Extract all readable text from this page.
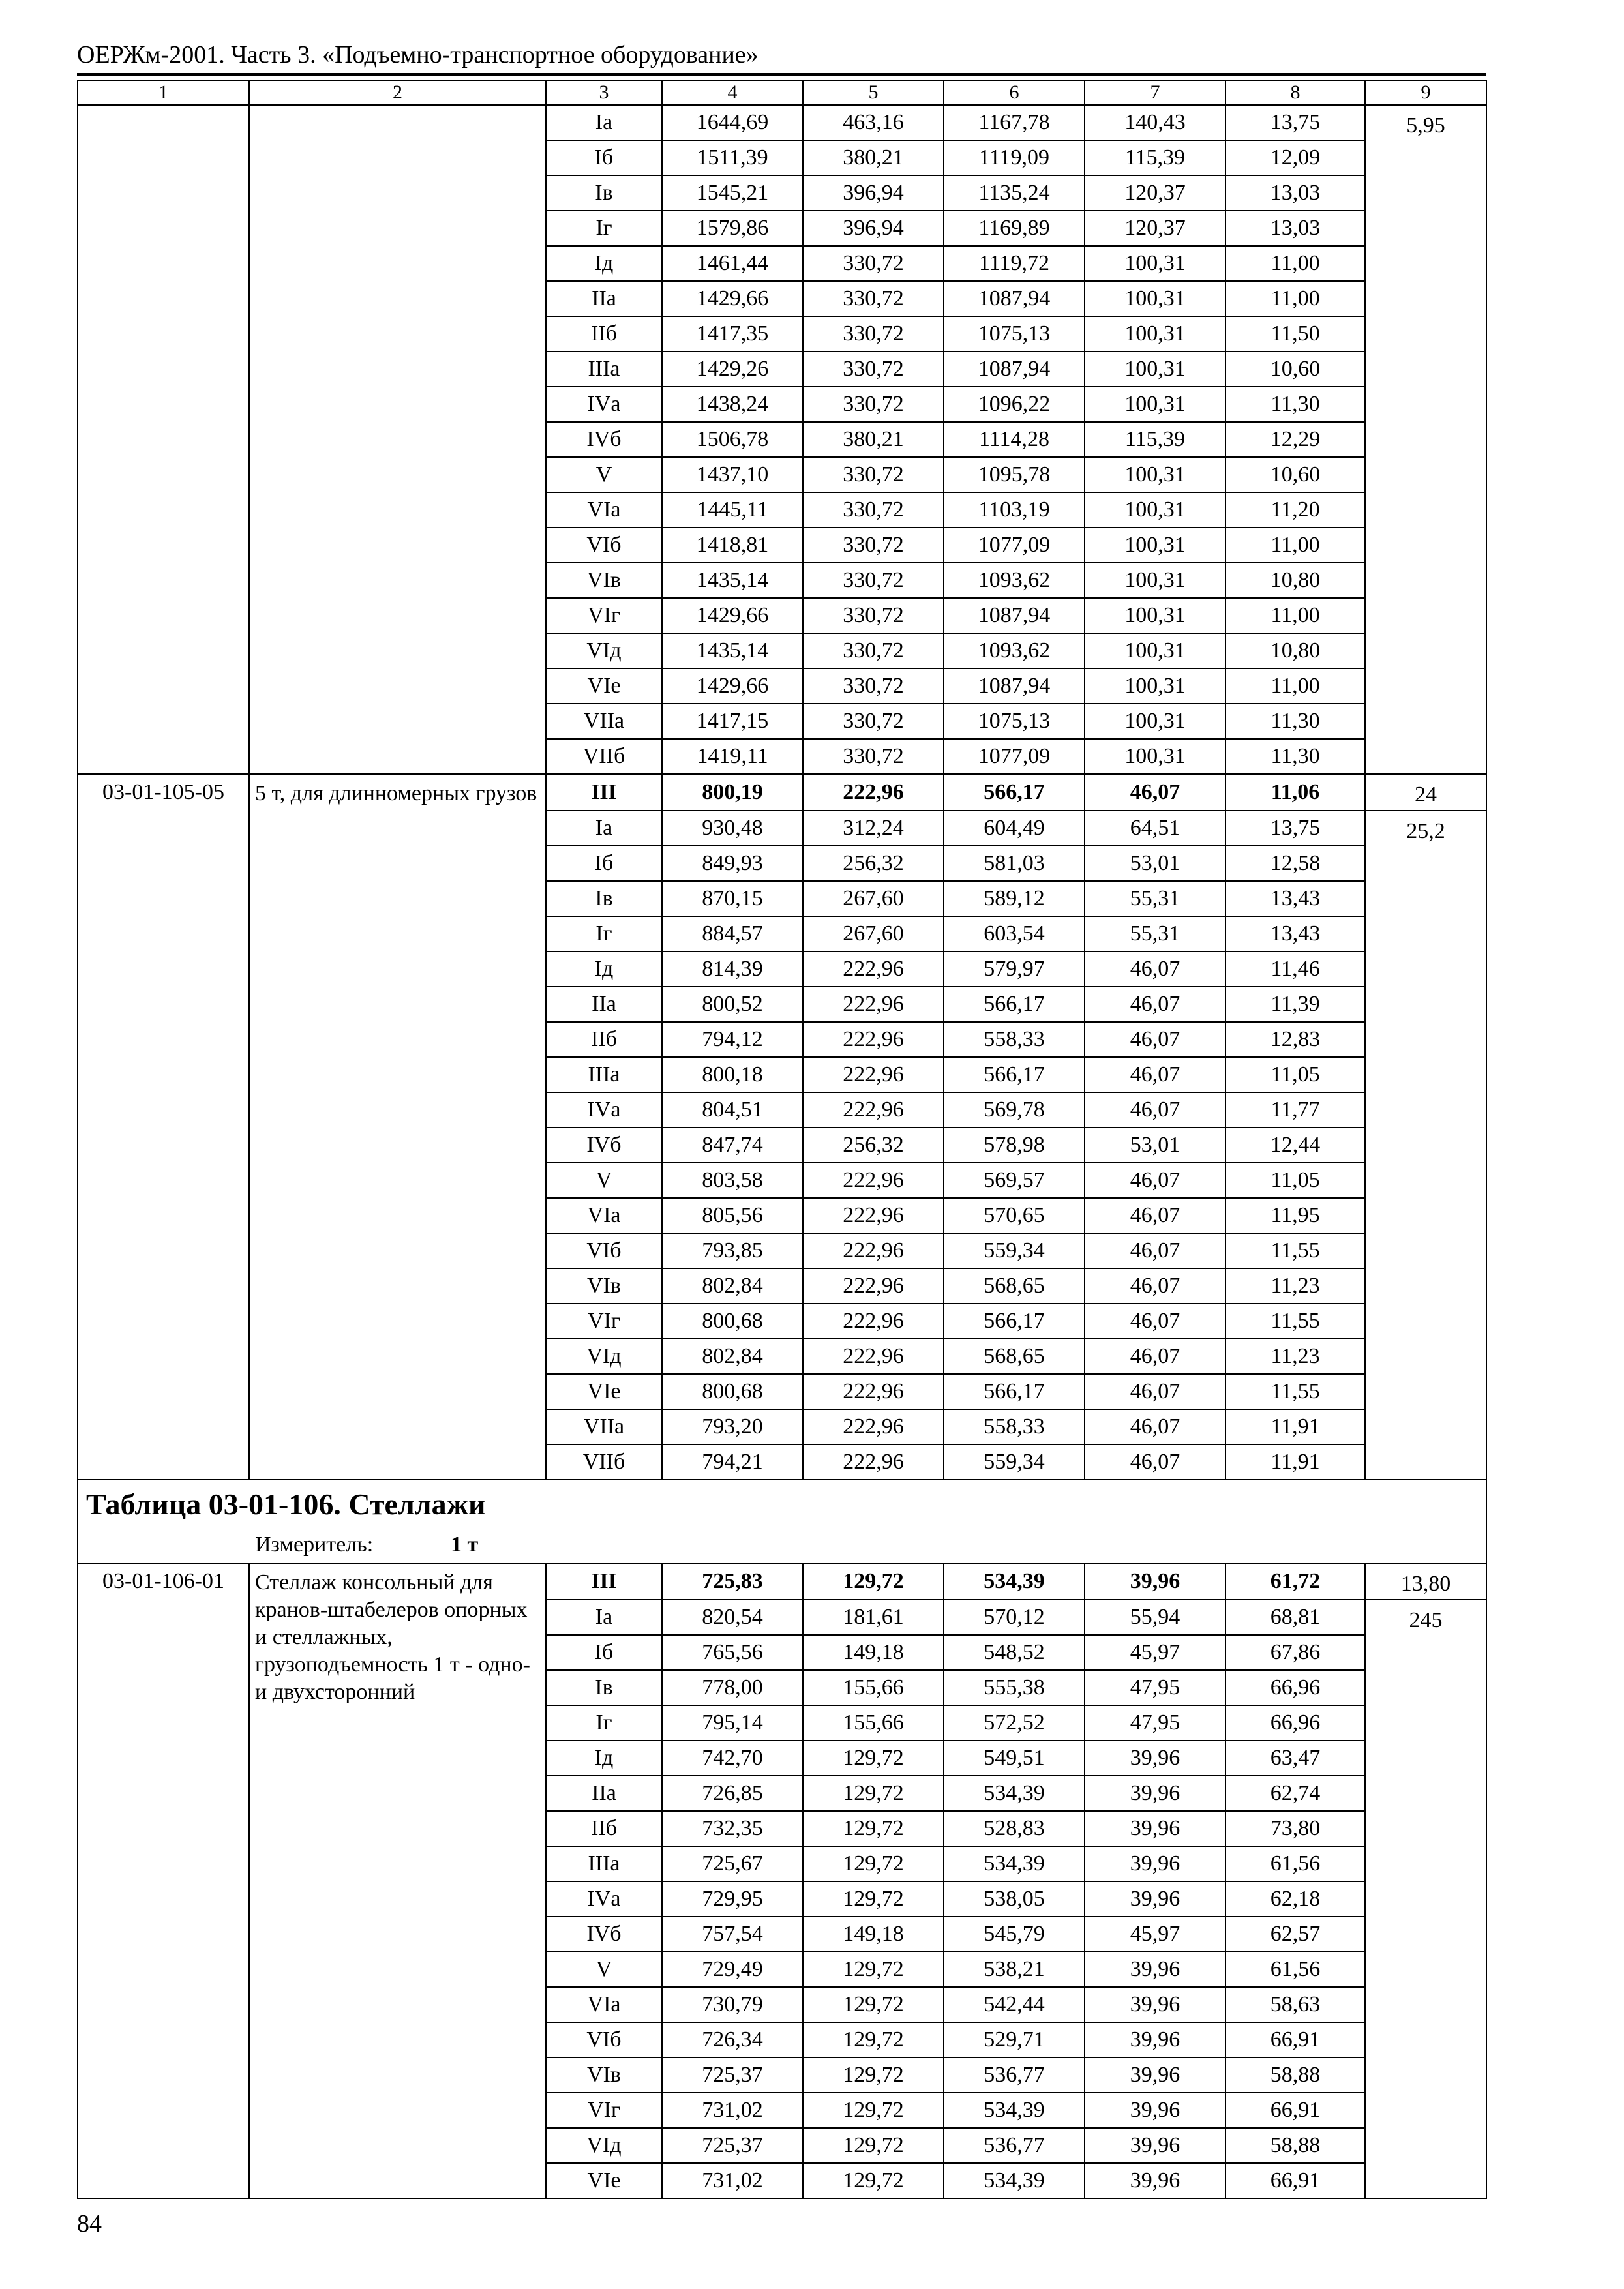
ОЕРЖм-2001. Часть 3. «Подъемно-транспортное оборудование»
1	2	3	4	5	6	7	8	9
		Iа	1644,69	463,16	1167,78	140,43	13,75	5,95
		Iб	1511,39	380,21	1119,09	115,39	12,09	
		Iв	1545,21	396,94	1135,24	120,37	13,03	
		Iг	1579,86	396,94	1169,89	120,37	13,03	
		Iд	1461,44	330,72	1119,72	100,31	11,00	
		IIа	1429,66	330,72	1087,94	100,31	11,00	
		IIб	1417,35	330,72	1075,13	100,31	11,50	
		IIIа	1429,26	330,72	1087,94	100,31	10,60	
		IVа	1438,24	330,72	1096,22	100,31	11,30	
		IVб	1506,78	380,21	1114,28	115,39	12,29	
		V	1437,10	330,72	1095,78	100,31	10,60	
		VIа	1445,11	330,72	1103,19	100,31	11,20	
		VIб	1418,81	330,72	1077,09	100,31	11,00	
		VIв	1435,14	330,72	1093,62	100,31	10,80	
		VIг	1429,66	330,72	1087,94	100,31	11,00	
		VIд	1435,14	330,72	1093,62	100,31	10,80	
		VIе	1429,66	330,72	1087,94	100,31	11,00	
		VIIа	1417,15	330,72	1075,13	100,31	11,30	
		VIIб	1419,11	330,72	1077,09	100,31	11,30	
03-01-105-05	5 т, для длинномерных грузов	III	800,19	222,96	566,17	46,07	11,06	24
		Iа	930,48	312,24	604,49	64,51	13,75	25,2
		Iб	849,93	256,32	581,03	53,01	12,58	
		Iв	870,15	267,60	589,12	55,31	13,43	
		Iг	884,57	267,60	603,54	55,31	13,43	
		Iд	814,39	222,96	579,97	46,07	11,46	
		IIа	800,52	222,96	566,17	46,07	11,39	
		IIб	794,12	222,96	558,33	46,07	12,83	
		IIIа	800,18	222,96	566,17	46,07	11,05	
		IVа	804,51	222,96	569,78	46,07	11,77	
		IVб	847,74	256,32	578,98	53,01	12,44	
		V	803,58	222,96	569,57	46,07	11,05	
		VIа	805,56	222,96	570,65	46,07	11,95	
		VIб	793,85	222,96	559,34	46,07	11,55	
		VIв	802,84	222,96	568,65	46,07	11,23	
		VIг	800,68	222,96	566,17	46,07	11,55	
		VIд	802,84	222,96	568,65	46,07	11,23	
		VIе	800,68	222,96	566,17	46,07	11,55	
		VIIа	793,20	222,96	558,33	46,07	11,91	
		VIIб	794,21	222,96	559,34	46,07	11,91	

Таблица 03-01-106. Стеллажи
Измеритель: 1 т								

03-01-106-01	Стеллаж консольный для кранов-штабелеров опорных и стеллажных, грузоподъемность 1 т - одно- и двухсторонний	III	725,83	129,72	534,39	39,96	61,72	13,80
		Iа	820,54	181,61	570,12	55,94	68,81	245
		Iб	765,56	149,18	548,52	45,97	67,86	
		Iв	778,00	155,66	555,38	47,95	66,96	
		Iг	795,14	155,66	572,52	47,95	66,96	
		Iд	742,70	129,72	549,51	39,96	63,47	
		IIа	726,85	129,72	534,39	39,96	62,74	
		IIб	732,35	129,72	528,83	39,96	73,80	
		IIIа	725,67	129,72	534,39	39,96	61,56	
		IVа	729,95	129,72	538,05	39,96	62,18	
		IVб	757,54	149,18	545,79	45,97	62,57	
		V	729,49	129,72	538,21	39,96	61,56	
		VIа	730,79	129,72	542,44	39,96	58,63	
		VIб	726,34	129,72	529,71	39,96	66,91	
		VIв	725,37	129,72	536,77	39,96	58,88	
		VIг	731,02	129,72	534,39	39,96	66,91	
		VIд	725,37	129,72	536,77	39,96	58,88	
		VIе	731,02	129,72	534,39	39,96	66,91	
84
